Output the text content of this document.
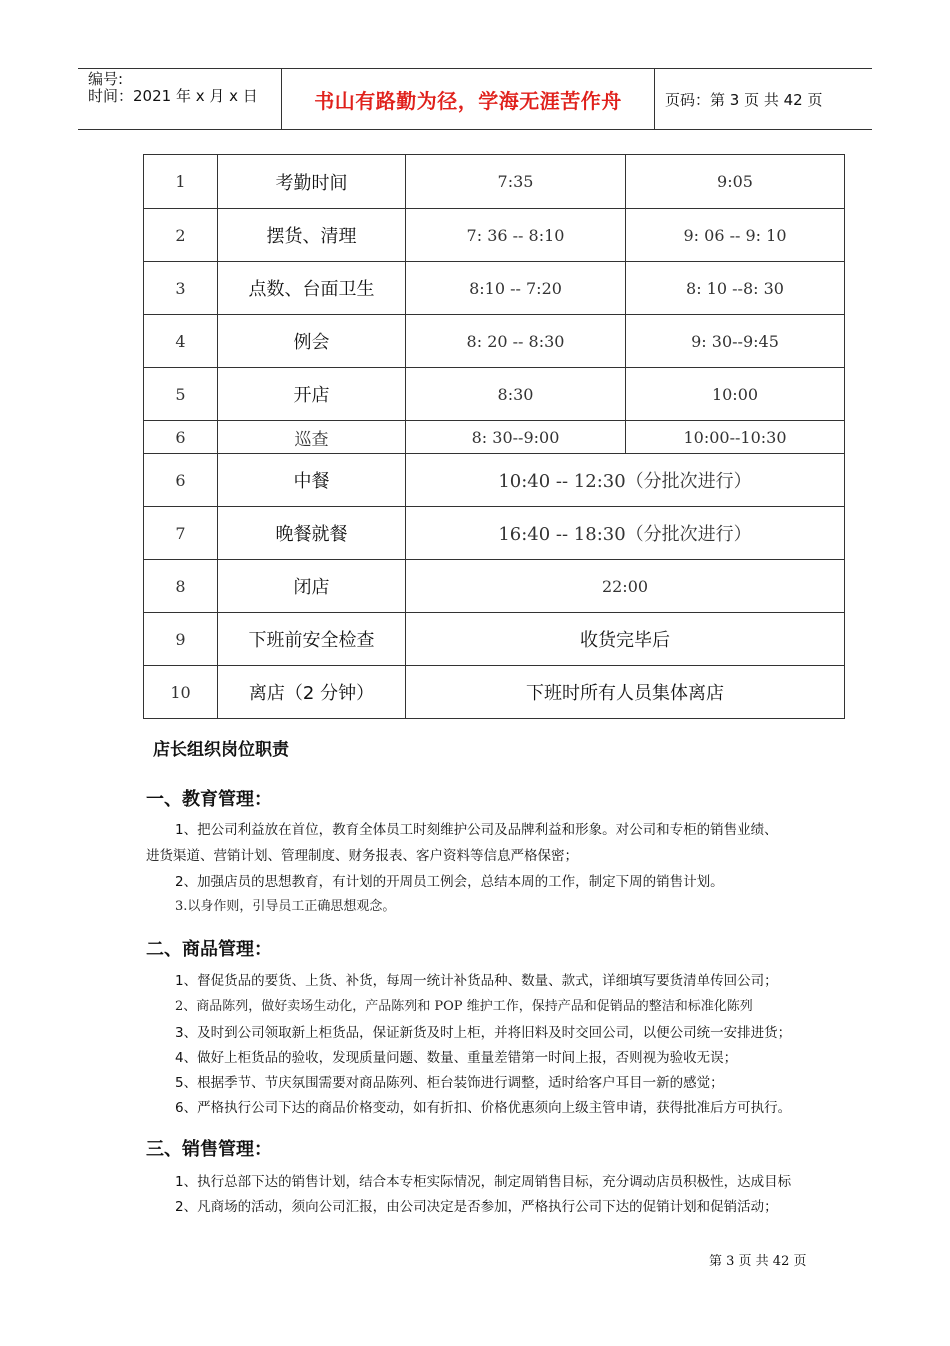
编号:
时间：2021 年 x 月 x 日	书山有路勤为径，学海无涯苦作舟	页码：第 3 页 共 42 页
1	考勤时间	7:35	9:05
2	摆货、清理	7: 36 -- 8:10	9: 06 -- 9: 10
3	点数、台面卫生	8:10 -- 7:20	8: 10 --8: 30
4	例会	8: 20 -- 8:30	9: 30--9:45
5	开店	8:30	10:00
6	巡查	8: 30--9:00	10:00--10:30
6	中餐	10:40 -- 12:30（分批次进行）	
7	晚餐就餐	16:40 -- 18:30（分批次进行）	
8	闭店	22:00	
9	下班前安全检查	收货完毕后	
10	离店（2 分钟）	下班时所有人员集体离店	
店长组织岗位职责
一、教育管理：
1、把公司利益放在首位，教育全体员工时刻维护公司及品牌利益和形象。对公司和专柜的销售业绩、
进货渠道、营销计划、管理制度、财务报表、客户资料等信息严格保密；
2、加强店员的思想教育，有计划的开周员工例会，总结本周的工作，制定下周的销售计划。
3.以身作则，引导员工正确思想观念。
二、商品管理：
1、督促货品的要货、上货、补货，每周一统计补货品种、数量、款式，详细填写要货清单传回公司；
2、商品陈列，做好卖场生动化，产品陈列和 POP 维护工作，保持产品和促销品的整洁和标准化陈列
3、及时到公司领取新上柜货品，保证新货及时上柜，并将旧料及时交回公司，以便公司统一安排进货；
4、做好上柜货品的验收，发现质量问题、数量、重量差错第一时间上报，否则视为验收无误；
5、根据季节、节庆氛围需要对商品陈列、柜台装饰进行调整，适时给客户耳目一新的感觉；
6、严格执行公司下达的商品价格变动，如有折扣、价格优惠须向上级主管申请，获得批准后方可执行。
三、销售管理：
1、执行总部下达的销售计划，结合本专柜实际情况，制定周销售目标，充分调动店员积极性，达成目标
2、凡商场的活动，须向公司汇报，由公司决定是否参加，严格执行公司下达的促销计划和促销活动；
第 3 页 共 42 页
